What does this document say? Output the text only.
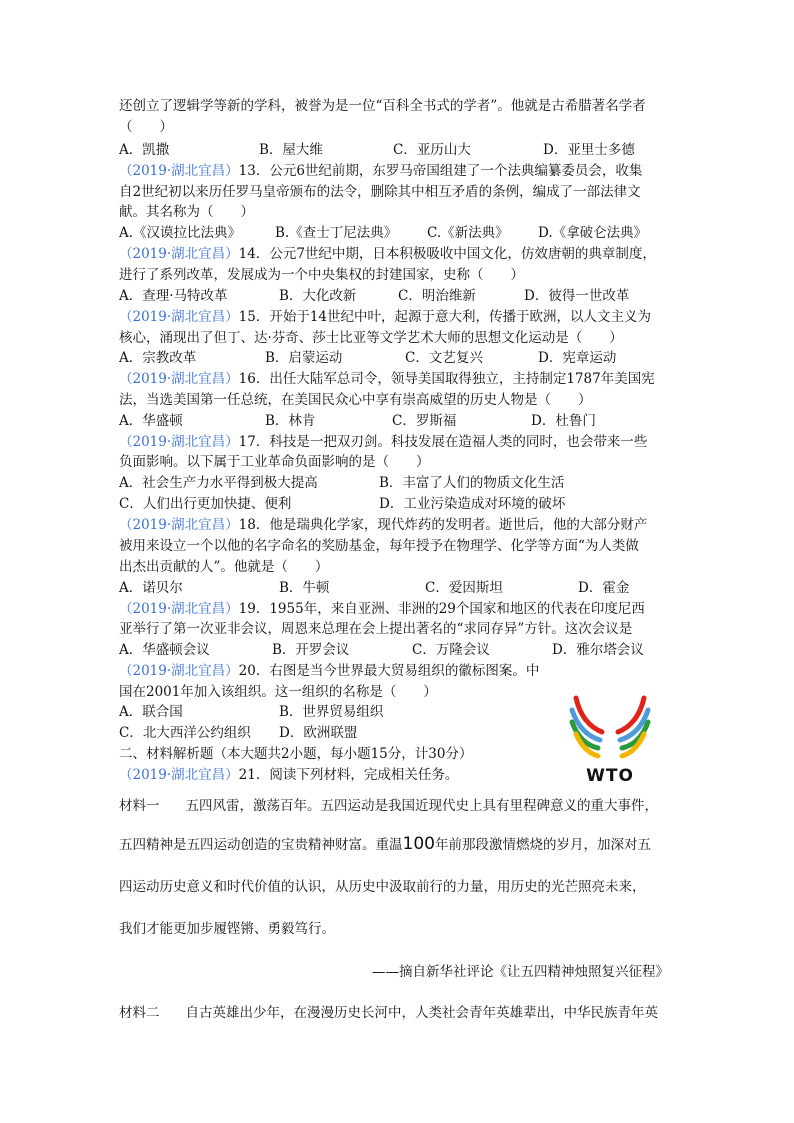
还创立了逻辑学等新的学科，被誉为是一位“百科全书式的学者”。他就是古希腊著名学者
（　　）
A．凯撒	B．屋大维	C．亚历山大	D．亚里士多德
（2019·湖北宜昌）13．公元6世纪前期，东罗马帝国组建了一个法典编纂委员会，收集
自2世纪初以来历任罗马皇帝颁布的法令，删除其中相互矛盾的条例，编成了一部法律文
献。其名称为（　　）
A.《汉谟拉比法典》	B.《查士丁尼法典》 C.《新法典》 D.《拿破仑法典》
（2019·湖北宜昌）14．公元7世纪中期，日本积极吸收中国文化，仿效唐朝的典章制度，
进行了系列改革，发展成为一个中央集权的封建国家，史称（　　）
A．查理·马特改革	B．大化改新	C．明治维新	D．彼得一世改革
（2019·湖北宜昌）15．开始于14世纪中叶，起源于意大利，传播于欧洲，以人文主义为
核心，涌现出了但丁、达·芬奇、莎士比亚等文学艺术大师的思想文化运动是（　　）
A．宗教改革	B．启蒙运动	C．文艺复兴	D．宪章运动
（2019·湖北宜昌）16．出任大陆军总司令，领导美国取得独立，主持制定1787年美国宪
法，当选美国第一任总统，在美国民众心中享有崇高威望的历史人物是（　　）
A．华盛顿	B．林肯	C．罗斯福	D．杜鲁门
（2019·湖北宜昌）17．科技是一把双刃剑。科技发展在造福人类的同时，也会带来一些
负面影响。以下属于工业革命负面影响的是（　　）
A．社会生产力水平得到极大提高	B．丰富了人们的物质文化生活
C．人们出行更加快捷、便利	D．工业污染造成对环境的破坏
（2019·湖北宜昌）18．他是瑞典化学家，现代炸药的发明者。逝世后，他的大部分财产
被用来设立一个以他的名字命名的奖励基金，每年授予在物理学、化学等方面“为人类做
出杰出贡献的人”。他就是（　　）
A．诺贝尔	B．牛顿	C．爱因斯坦	D．霍金
（2019·湖北宜昌）19．1955年，来自亚洲、非洲的29个国家和地区的代表在印度尼西
亚举行了第一次亚非会议，周恩来总理在会上提出著名的“求同存异”方针。这次会议是
A．华盛顿会议	B．开罗会议	C．万隆会议	D．雅尔塔会议
（2019·湖北宜昌）20．右图是当今世界最大贸易组织的徽标图案。中
国在2001年加入该组织。这一组织的名称是（　　）
A．联合国	B．世界贸易组织
C．北大西洋公约组织 D．欧洲联盟
WTO
二、材料解析题（本大题共2小题，每小题15分，计30分）
（2019·湖北宜昌）21．阅读下列材料，完成相关任务。
材料一 五四风雷，激荡百年。五四运动是我国近现代史上具有里程碑意义的重大事件，
五四精神是五四运动创造的宝贵精神财富。重温100年前那段激情燃烧的岁月，加深对五
四运动历史意义和时代价值的认识，从历史中汲取前行的力量，用历史的光芒照亮未来，
我们才能更加步履铿锵、勇毅笃行。
——摘自新华社评论《让五四精神烛照复兴征程》
材料二 自古英雄出少年，在漫漫历史长河中，人类社会青年英雄辈出，中华民族青年英
